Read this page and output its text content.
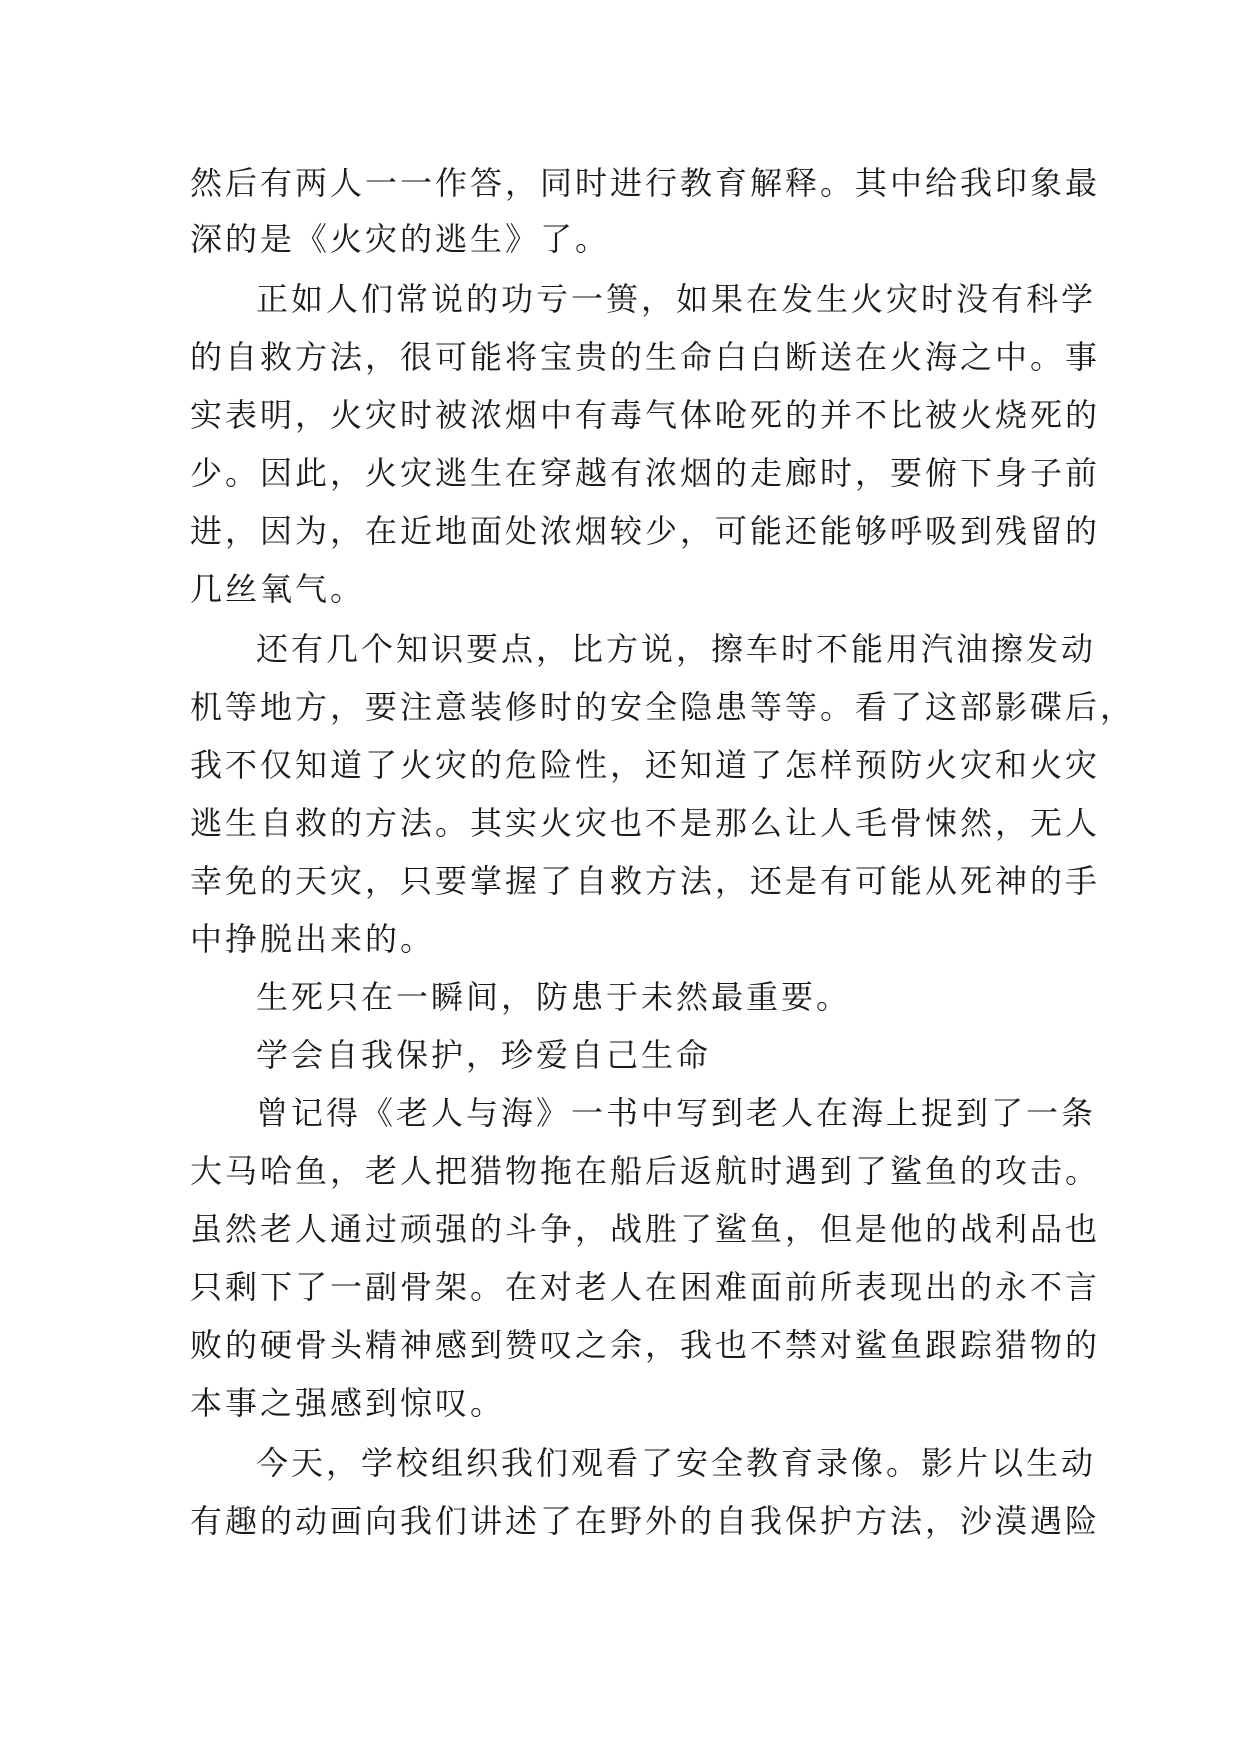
然后有两人一一作答，同时进行教育解释。其中给我印象最
深的是《火灾的逃生》了。
正如人们常说的功亏一篑，如果在发生火灾时没有科学
的自救方法，很可能将宝贵的生命白白断送在火海之中。事
实表明，火灾时被浓烟中有毒气体呛死的并不比被火烧死的
少。因此，火灾逃生在穿越有浓烟的走廊时，要俯下身子前
进，因为，在近地面处浓烟较少，可能还能够呼吸到残留的
几丝氧气。
还有几个知识要点，比方说，擦车时不能用汽油擦发动
机等地方，要注意装修时的安全隐患等等。看了这部影碟后，
我不仅知道了火灾的危险性，还知道了怎样预防火灾和火灾
逃生自救的方法。其实火灾也不是那么让人毛骨悚然，无人
幸免的天灾，只要掌握了自救方法，还是有可能从死神的手
中挣脱出来的。
生死只在一瞬间，防患于未然最重要。
学会自我保护，珍爱自己生命
曾记得《老人与海》一书中写到老人在海上捉到了一条
大马哈鱼，老人把猎物拖在船后返航时遇到了鲨鱼的攻击。
虽然老人通过顽强的斗争，战胜了鲨鱼，但是他的战利品也
只剩下了一副骨架。在对老人在困难面前所表现出的永不言
败的硬骨头精神感到赞叹之余，我也不禁对鲨鱼跟踪猎物的
本事之强感到惊叹。
今天，学校组织我们观看了安全教育录像。影片以生动
有趣的动画向我们讲述了在野外的自我保护方法，沙漠遇险
